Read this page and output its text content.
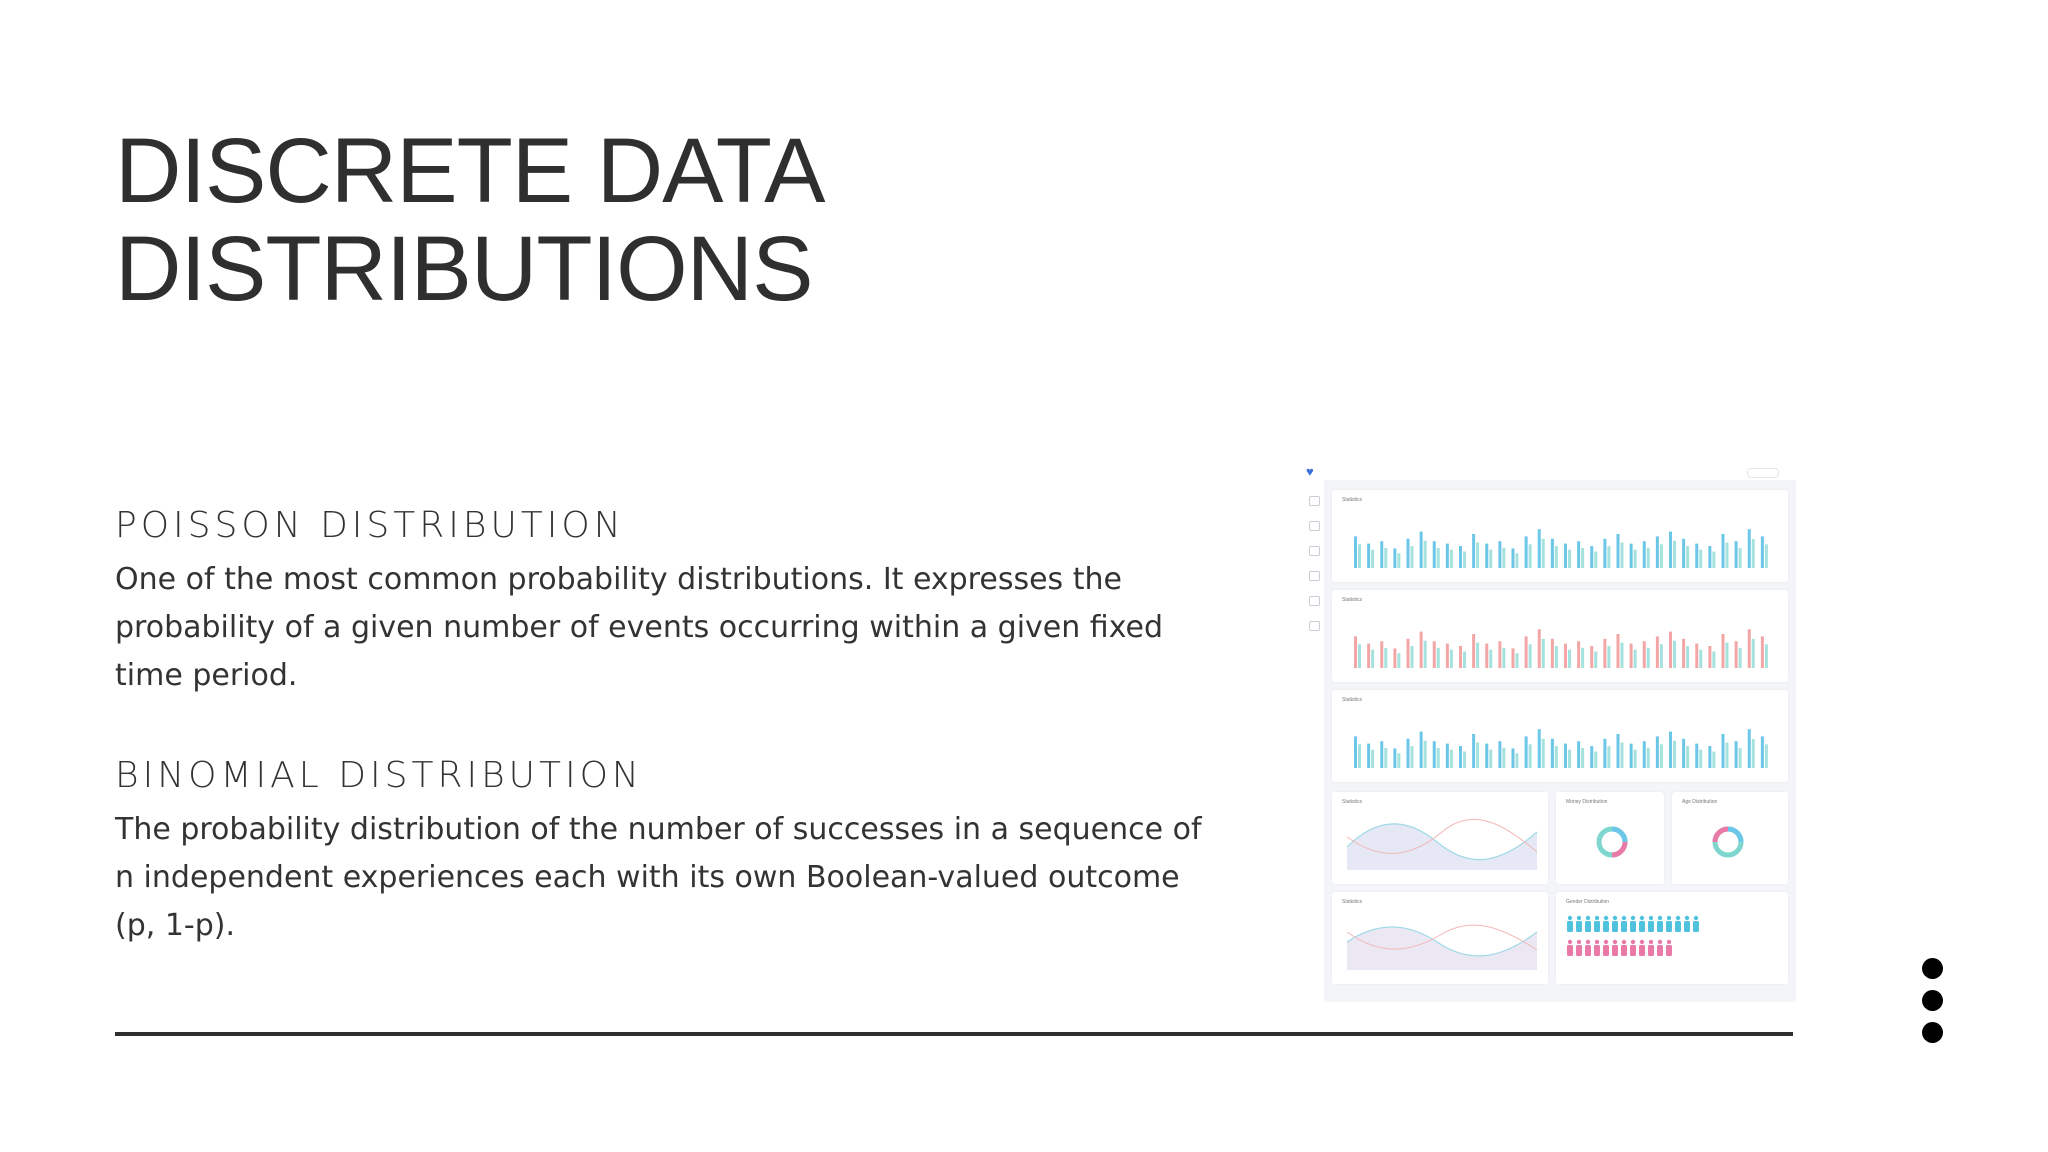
DISCRETE DATA
DISTRIBUTIONS
POISSON DISTRIBUTION

One of the most common probability distributions. It expresses the probability of a given number of events occurring within a given fixed time period.

BINOMIAL DISTRIBUTION

The probability distribution of the number of successes in a sequence of n independent experiences each with its own Boolean-valued outcome (p, 1-p).

♥
Statistics
Statistics
Statistics
Statistics	Money Distribution	Age Distribution
Statistics	Gender Distribution
